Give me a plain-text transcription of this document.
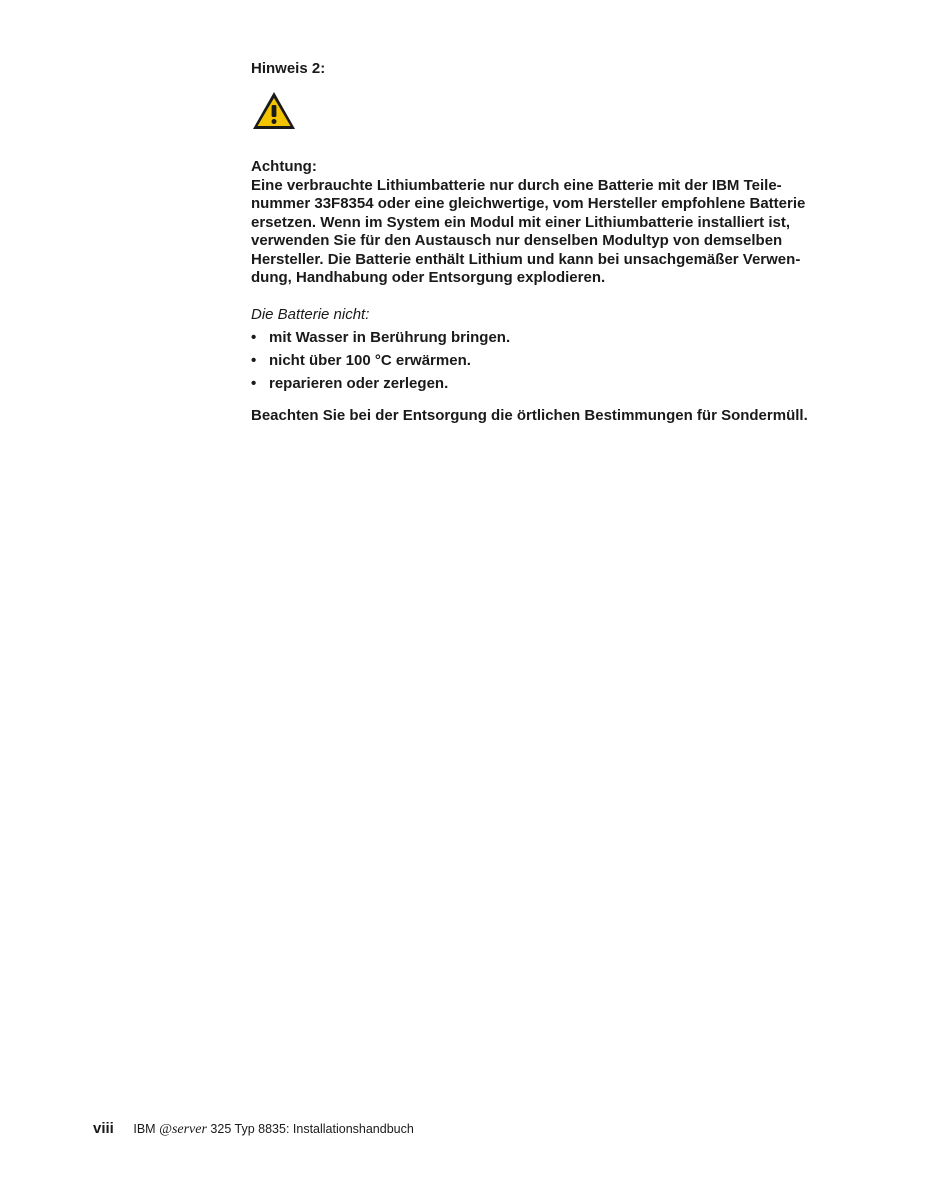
Hinweis 2:

Achtung:

Eine verbrauchte Lithiumbatterie nur durch eine Batterie mit der IBM Teile-
nummer 33F8354 oder eine gleichwertige, vom Hersteller empfohlene Batterie
ersetzen. Wenn im System ein Modul mit einer Lithiumbatterie installiert ist,
verwenden Sie für den Austausch nur denselben Modultyp von demselben
Hersteller. Die Batterie enthält Lithium und kann bei unsachgemäßer Verwen-
dung, Handhabung oder Entsorgung explodieren.

Die Batterie nicht:

• mit Wasser in Berührung bringen.
• nicht über 100 °C erwärmen.
• reparieren oder zerlegen.

Beachten Sie bei der Entsorgung die örtlichen Bestimmungen für Sondermüll.

viii IBM @server 325 Typ 8835: Installationshandbuch
